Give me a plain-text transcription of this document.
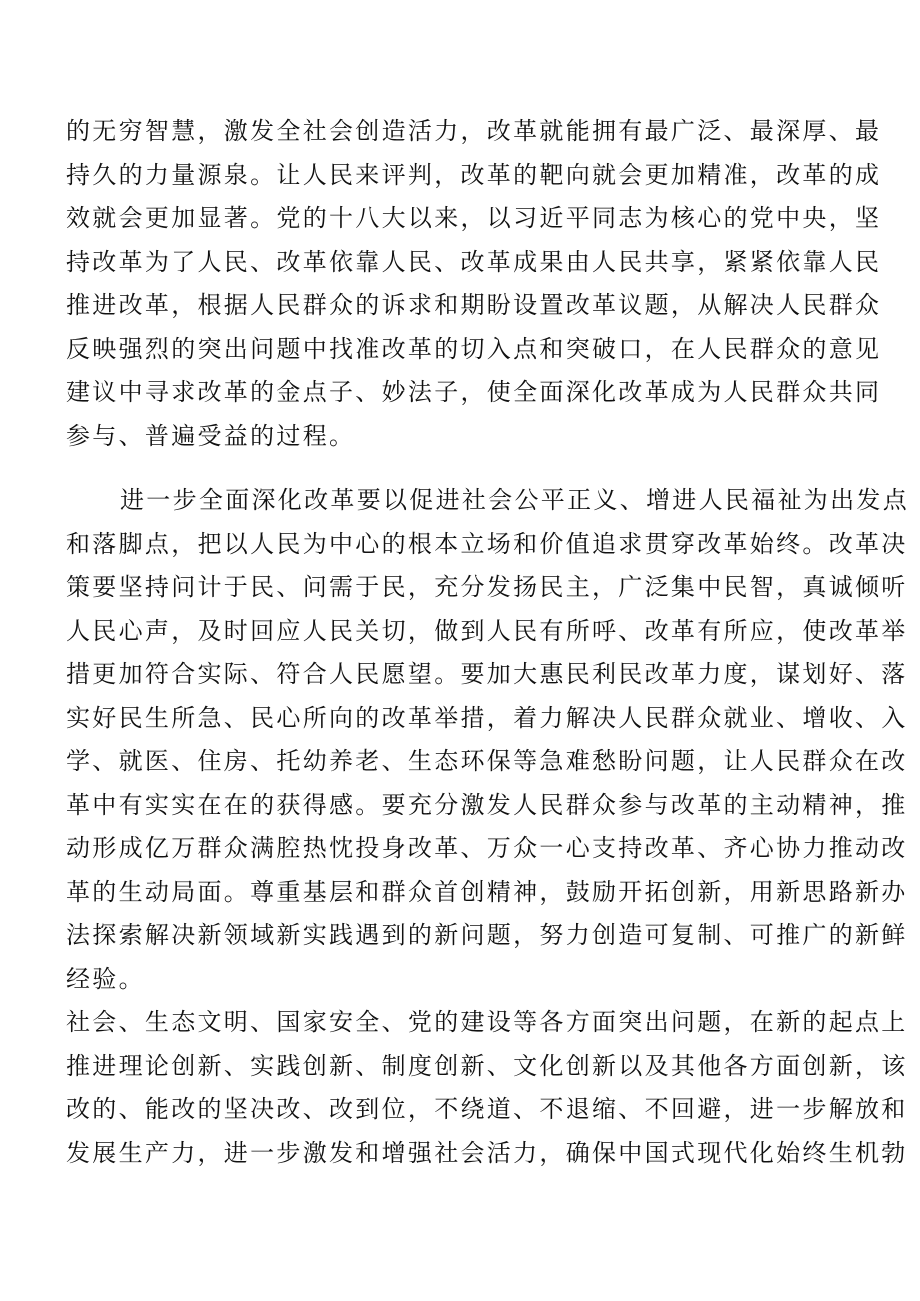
的无穷智慧，激发全社会创造活力，改革就能拥有最广泛、最深厚、最
持久的力量源泉。让人民来评判，改革的靶向就会更加精准，改革的成
效就会更加显著。党的十八大以来，以习近平同志为核心的党中央，坚
持改革为了人民、改革依靠人民、改革成果由人民共享，紧紧依靠人民
推进改革，根据人民群众的诉求和期盼设置改革议题，从解决人民群众
反映强烈的突出问题中找准改革的切入点和突破口，在人民群众的意见
建议中寻求改革的金点子、妙法子，使全面深化改革成为人民群众共同
参与、普遍受益的过程。
进一步全面深化改革要以促进社会公平正义、增进人民福祉为出发点
和落脚点，把以人民为中心的根本立场和价值追求贯穿改革始终。改革决
策要坚持问计于民、问需于民，充分发扬民主，广泛集中民智，真诚倾听
人民心声，及时回应人民关切，做到人民有所呼、改革有所应，使改革举
措更加符合实际、符合人民愿望。要加大惠民利民改革力度，谋划好、落
实好民生所急、民心所向的改革举措，着力解决人民群众就业、增收、入
学、就医、住房、托幼养老、生态环保等急难愁盼问题，让人民群众在改
革中有实实在在的获得感。要充分激发人民群众参与改革的主动精神，推
动形成亿万群众满腔热忱投身改革、万众一心支持改革、齐心协力推动改
革的生动局面。尊重基层和群众首创精神，鼓励开拓创新，用新思路新办
法探索解决新领域新实践遇到的新问题，努力创造可复制、可推广的新鲜
经验。
社会、生态文明、国家安全、党的建设等各方面突出问题，在新的起点上
推进理论创新、实践创新、制度创新、文化创新以及其他各方面创新，该
改的、能改的坚决改、改到位，不绕道、不退缩、不回避，进一步解放和
发展生产力，进一步激发和增强社会活力，确保中国式现代化始终生机勃
